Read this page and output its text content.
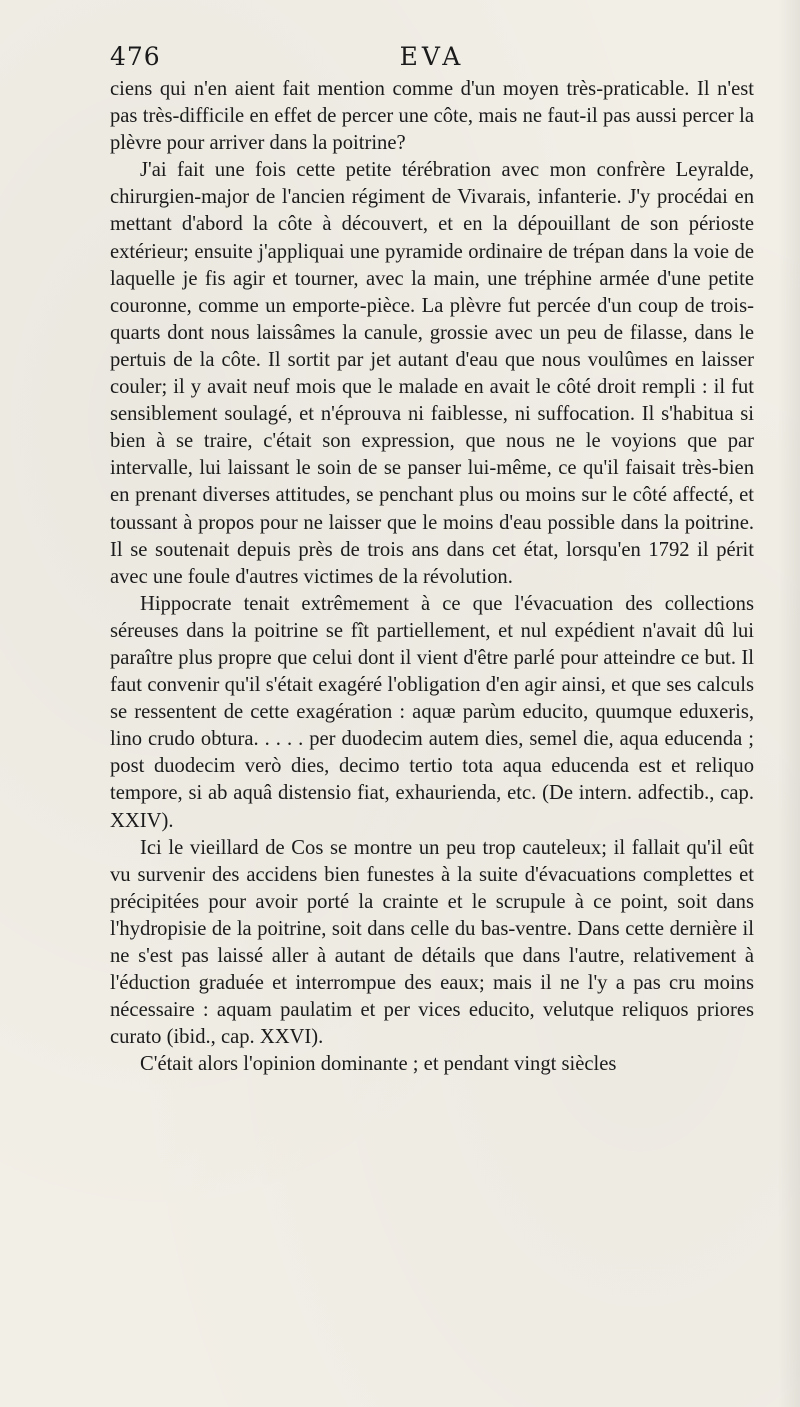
476	EVA

ciens qui n'en aient fait mention comme d'un moyen très-praticable. Il n'est pas très-difficile en effet de percer une côte, mais ne faut-il pas aussi percer la plèvre pour arriver dans la poitrine?

J'ai fait une fois cette petite térébration avec mon confrère Leyralde, chirurgien-major de l'ancien régiment de Vivarais, infanterie. J'y procédai en mettant d'abord la côte à découvert, et en la dépouillant de son périoste extérieur; ensuite j'appliquai une pyramide ordinaire de trépan dans la voie de laquelle je fis agir et tourner, avec la main, une tréphine armée d'une petite couronne, comme un emporte-pièce. La plèvre fut percée d'un coup de trois-quarts dont nous laissâmes la canule, grossie avec un peu de filasse, dans le pertuis de la côte. Il sortit par jet autant d'eau que nous voulûmes en laisser couler; il y avait neuf mois que le malade en avait le côté droit rempli : il fut sensiblement soulagé, et n'éprouva ni faiblesse, ni suffocation. Il s'habitua si bien à se traire, c'était son expression, que nous ne le voyions que par intervalle, lui laissant le soin de se panser lui-même, ce qu'il faisait très-bien en prenant diverses attitudes, se penchant plus ou moins sur le côté affecté, et toussant à propos pour ne laisser que le moins d'eau possible dans la poitrine. Il se soutenait depuis près de trois ans dans cet état, lorsqu'en 1792 il périt avec une foule d'autres victimes de la révolution.

Hippocrate tenait extrêmement à ce que l'évacuation des collections séreuses dans la poitrine se fît partiellement, et nul expédient n'avait dû lui paraître plus propre que celui dont il vient d'être parlé pour atteindre ce but. Il faut convenir qu'il s'était exagéré l'obligation d'en agir ainsi, et que ses calculs se ressentent de cette exagération : aquæ parùm educito, quumque eduxeris, lino crudo obtura. . . . . per duodecim autem dies, semel die, aqua educenda ; post duodecim verò dies, decimo tertio tota aqua educenda est et reliquo tempore, si ab aquâ distensio fiat, exhaurienda, etc. (De intern. adfectib., cap. XXIV).

Ici le vieillard de Cos se montre un peu trop cauteleux; il fallait qu'il eût vu survenir des accidens bien funestes à la suite d'évacuations complettes et précipitées pour avoir porté la crainte et le scrupule à ce point, soit dans l'hydropisie de la poitrine, soit dans celle du bas-ventre. Dans cette dernière il ne s'est pas laissé aller à autant de détails que dans l'autre, relativement à l'éduction graduée et interrompue des eaux; mais il ne l'y a pas cru moins nécessaire : aquam paulatim et per vices educito, velutque reliquos priores curato (ibid., cap. XXVI).

C'était alors l'opinion dominante ; et pendant vingt siècles
